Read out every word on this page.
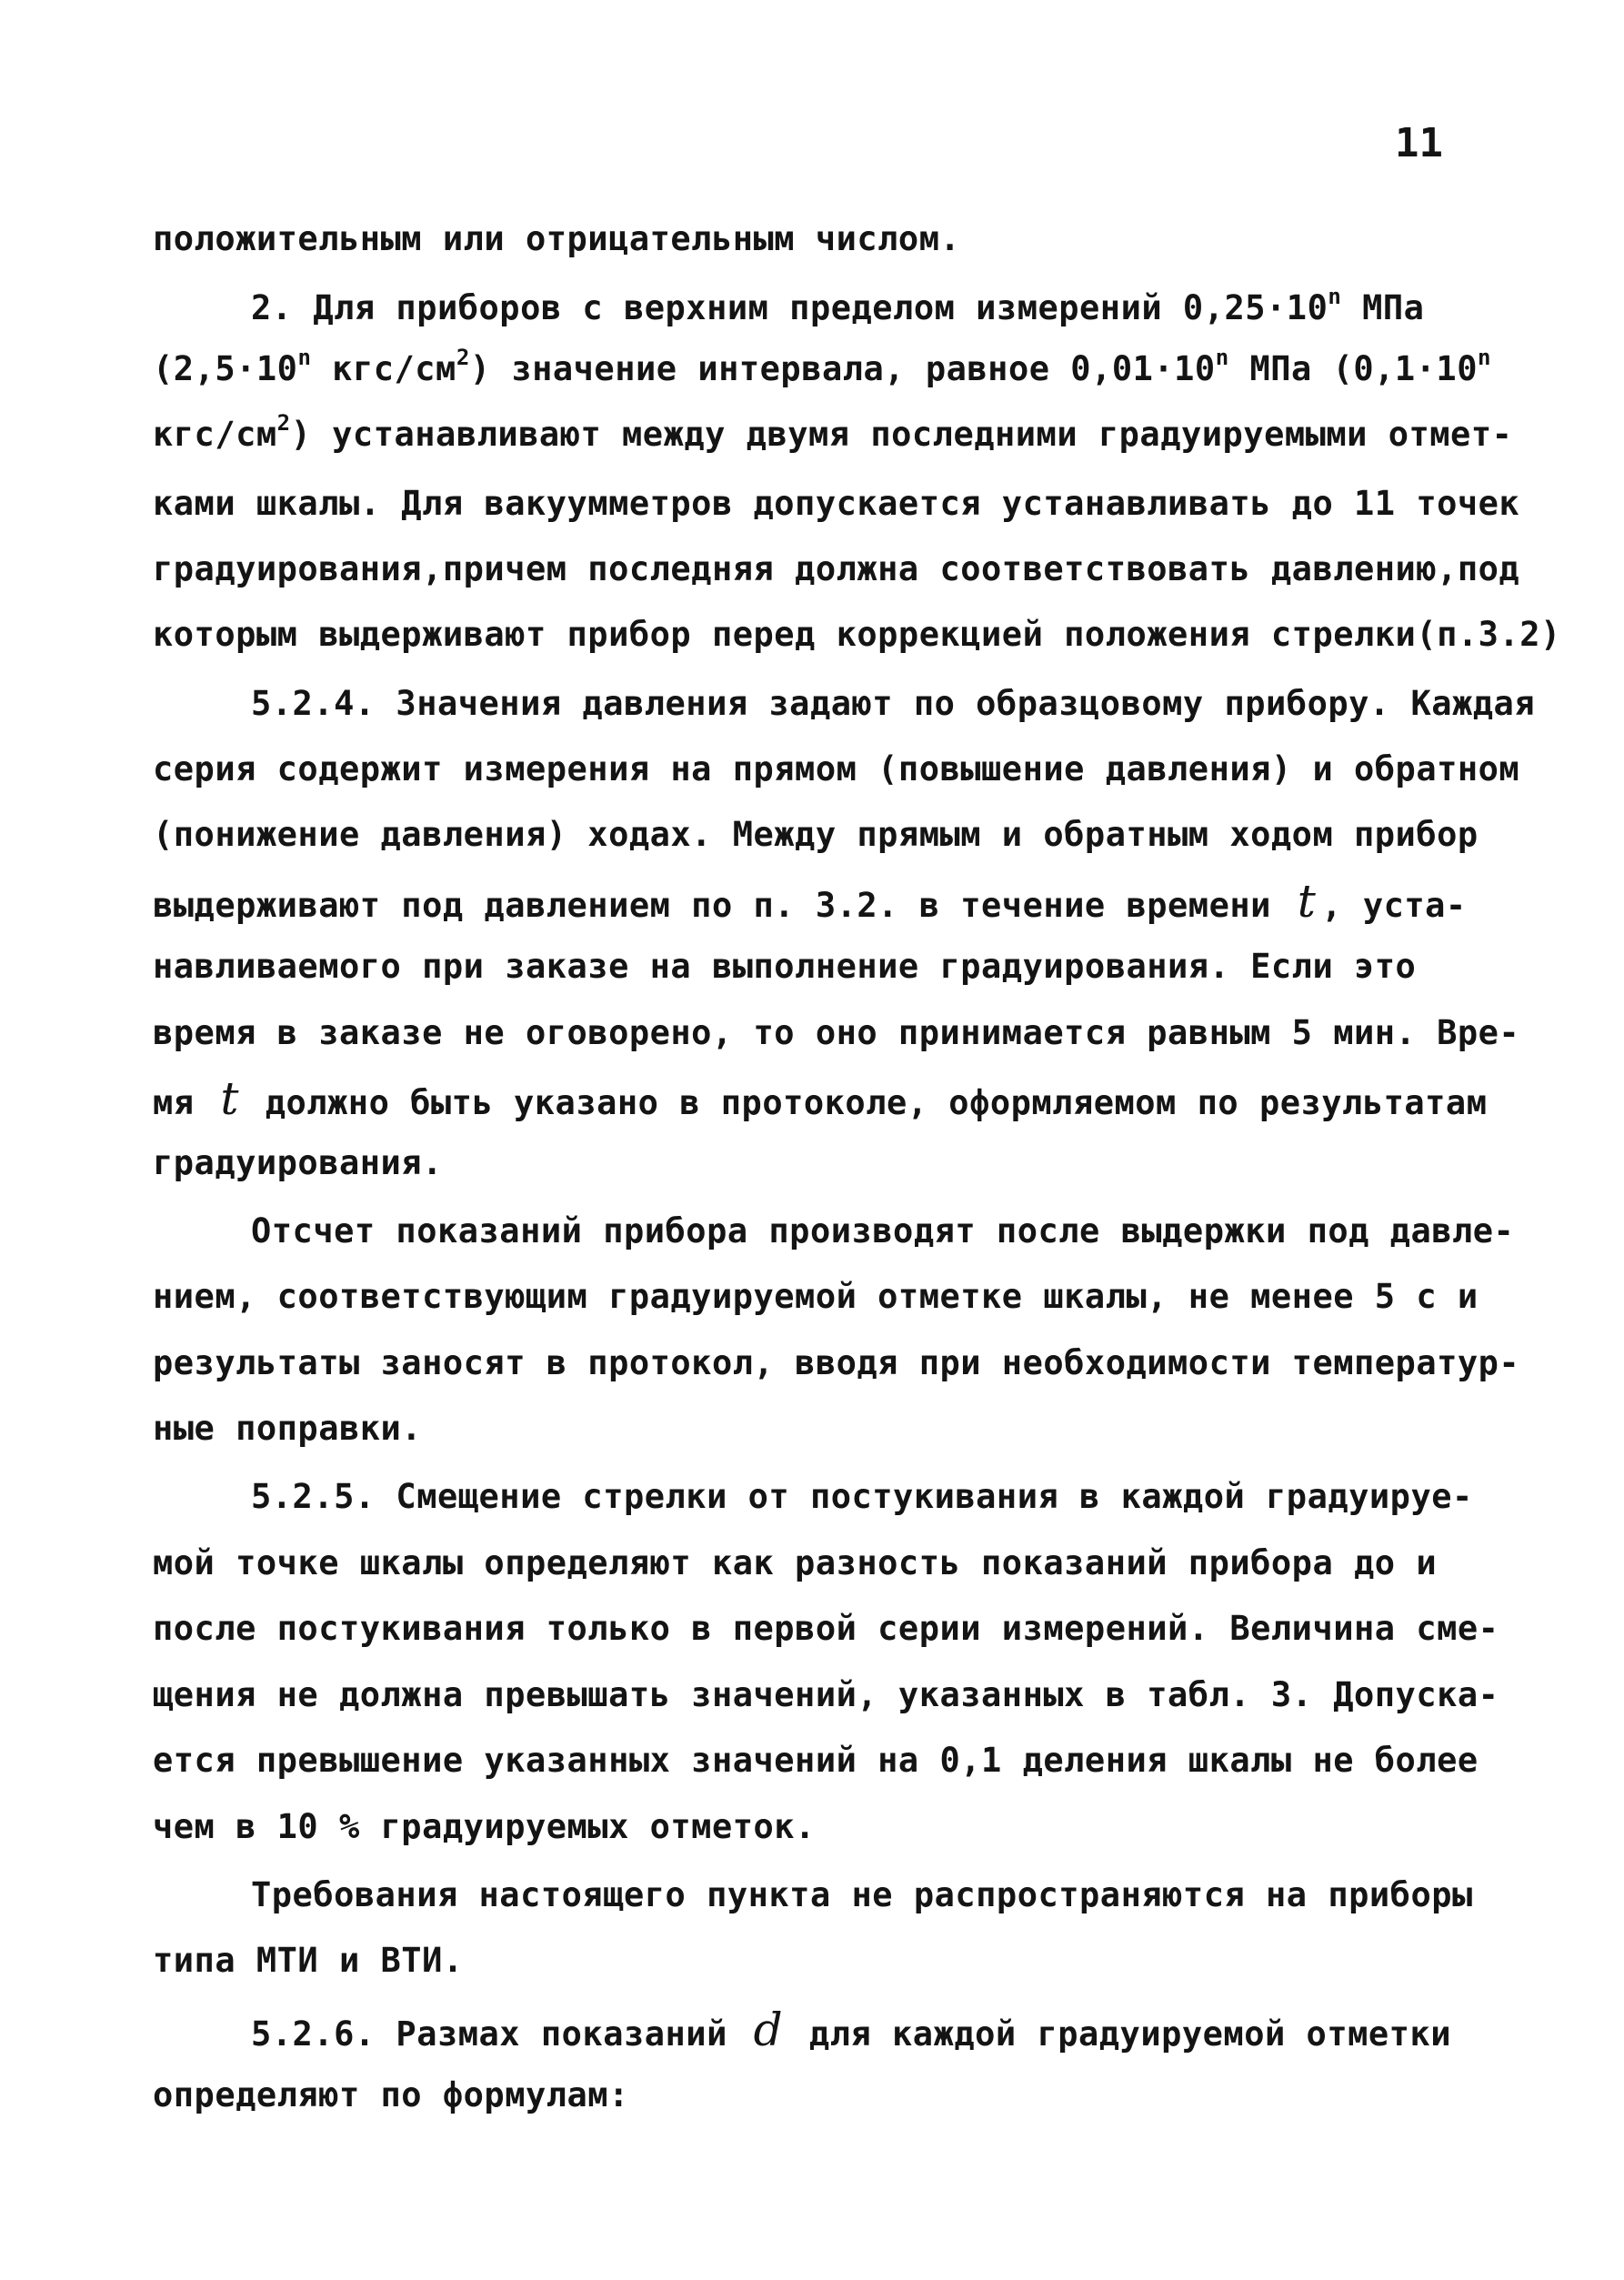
11
положительным или отрицательным числом.
2. Для приборов с верхним пределом измерений $0,25\cdot 10^n$ МПа
($2,5\cdot 10^n$ кгс/$см^2$) значение интервала, равное $0,01\cdot 10^n$ МПа ($0,1\cdot 10^n$
кгс/$см^2$) устанавливают между двумя последними градуируемыми отмет-
ками шкалы. Для вакуумметров допускается устанавливать до 11 точек
градуирования,причем последняя должна соответствовать давлению,под
которым выдерживают прибор перед коррекцией положения стрелки(п.3.2)
5.2.4. Значения давления задают по образцовому прибору. Каждая
серия содержит измерения на прямом (повышение давления) и обратном
(понижение давления) ходах. Между прямым и обратным ходом прибор
выдерживают под давлением по п. 3.2. в течение времени t , уста-
навливаемого при заказе на выполнение градуирования. Если это
время в заказе не оговорено, то оно принимается равным 5 мин. Вре-
мя t должно быть указано в протоколе, оформляемом по результатам
градуирования.
Отсчет показаний прибора производят после выдержки под давле-
нием, соответствующим градуируемой отметке шкалы, не менее 5 с и
результаты заносят в протокол, вводя при необходимости температур-
ные поправки.
5.2.5. Смещение стрелки от постукивания в каждой градуируе-
мой точке шкалы определяют как разность показаний прибора до и
после постукивания только в первой серии измерений. Величина сме-
щения не должна превышать значений, указанных в табл. 3. Допуска-
ется превышение указанных значений на 0,1 деления шкалы не более
чем в 10 % градуируемых отметок.
Требования настоящего пункта не распространяются на приборы
типа МТИ и ВТИ.
5.2.6. Размах показаний d для каждой градуируемой отметки
определяют по формулам:
